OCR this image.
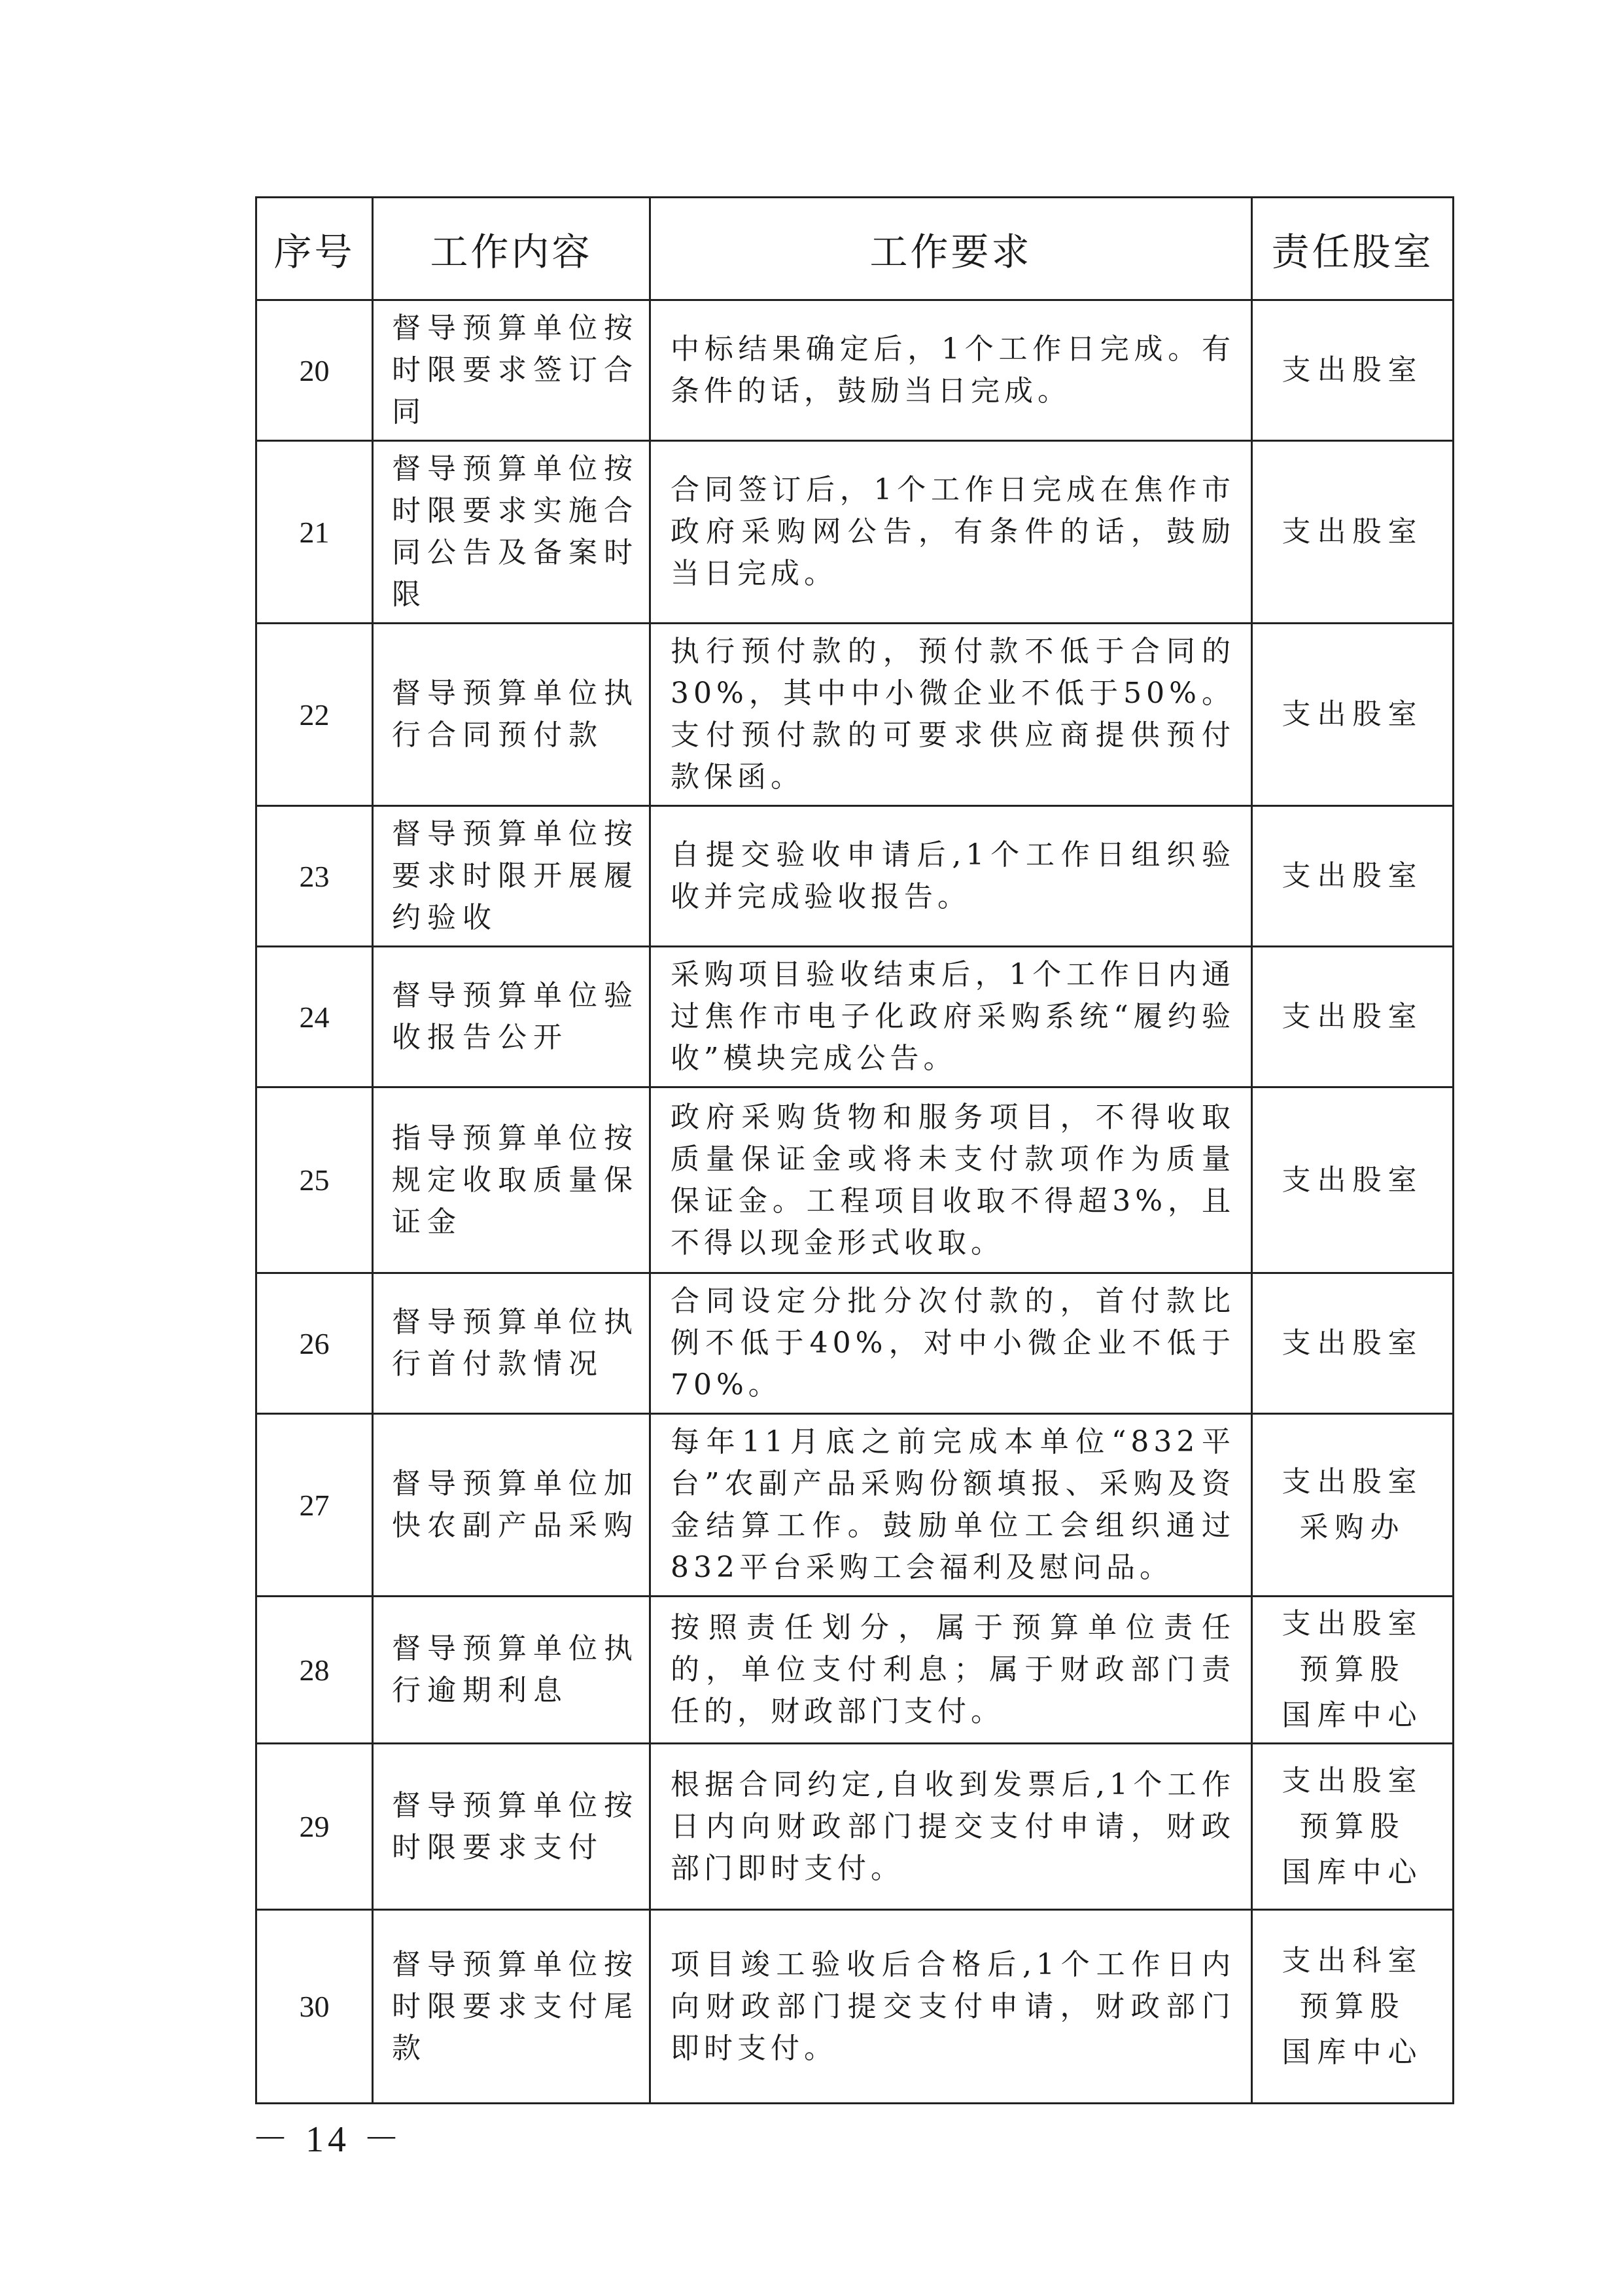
序号	工作内容	工作要求	责任股室
20	督导预算单位按时限要求签订合同	中标结果确定后，1个工作日完成。有条件的话，鼓励当日完成。	支出股室

21	督导预算单位按时限要求实施合同公告及备案时限	合同签订后，1个工作日完成在焦作市政府采购网公告，有条件的话，鼓励当日完成。	支出股室

22	督导预算单位执行合同预付款	执行预付款的，预付款不低于合同的30%，其中中小微企业不低于50%。支付预付款的可要求供应商提供预付款保函。	支出股室

23	督导预算单位按要求时限开展履约验收	自提交验收申请后,1个工作日组织验收并完成验收报告。	支出股室

24	督导预算单位验收报告公开	采购项目验收结束后，1个工作日内通过焦作市电子化政府采购系统“履约验收”模块完成公告。	支出股室

25	指导预算单位按规定收取质量保证金	政府采购货物和服务项目，不得收取质量保证金或将未支付款项作为质量保证金。工程项目收取不得超3%，且不得以现金形式收取。	支出股室

26	督导预算单位执行首付款情况	合同设定分批分次付款的，首付款比例不低于40%，对中小微企业不低于70%。	支出股室

27	督导预算单位加快农副产品采购	每年11月底之前完成本单位“832平台”农副产品采购份额填报、采购及资金结算工作。鼓励单位工会组织通过832平台采购工会福利及慰问品。	支出股室
采购办

28	督导预算单位执行逾期利息	按照责任划分，属于预算单位责任的，单位支付利息；属于财政部门责任的，财政部门支付。	支出股室
预算股
国库中心

29	督导预算单位按时限要求支付	根据合同约定,自收到发票后,1个工作日内向财政部门提交支付申请，财政部门即时支付。	支出股室
预算股
国库中心

30	督导预算单位按时限要求支付尾款	项目竣工验收后合格后,1个工作日内向财政部门提交支付申请，财政部门即时支付。	支出科室
预算股
国库中心
－ 14 －
